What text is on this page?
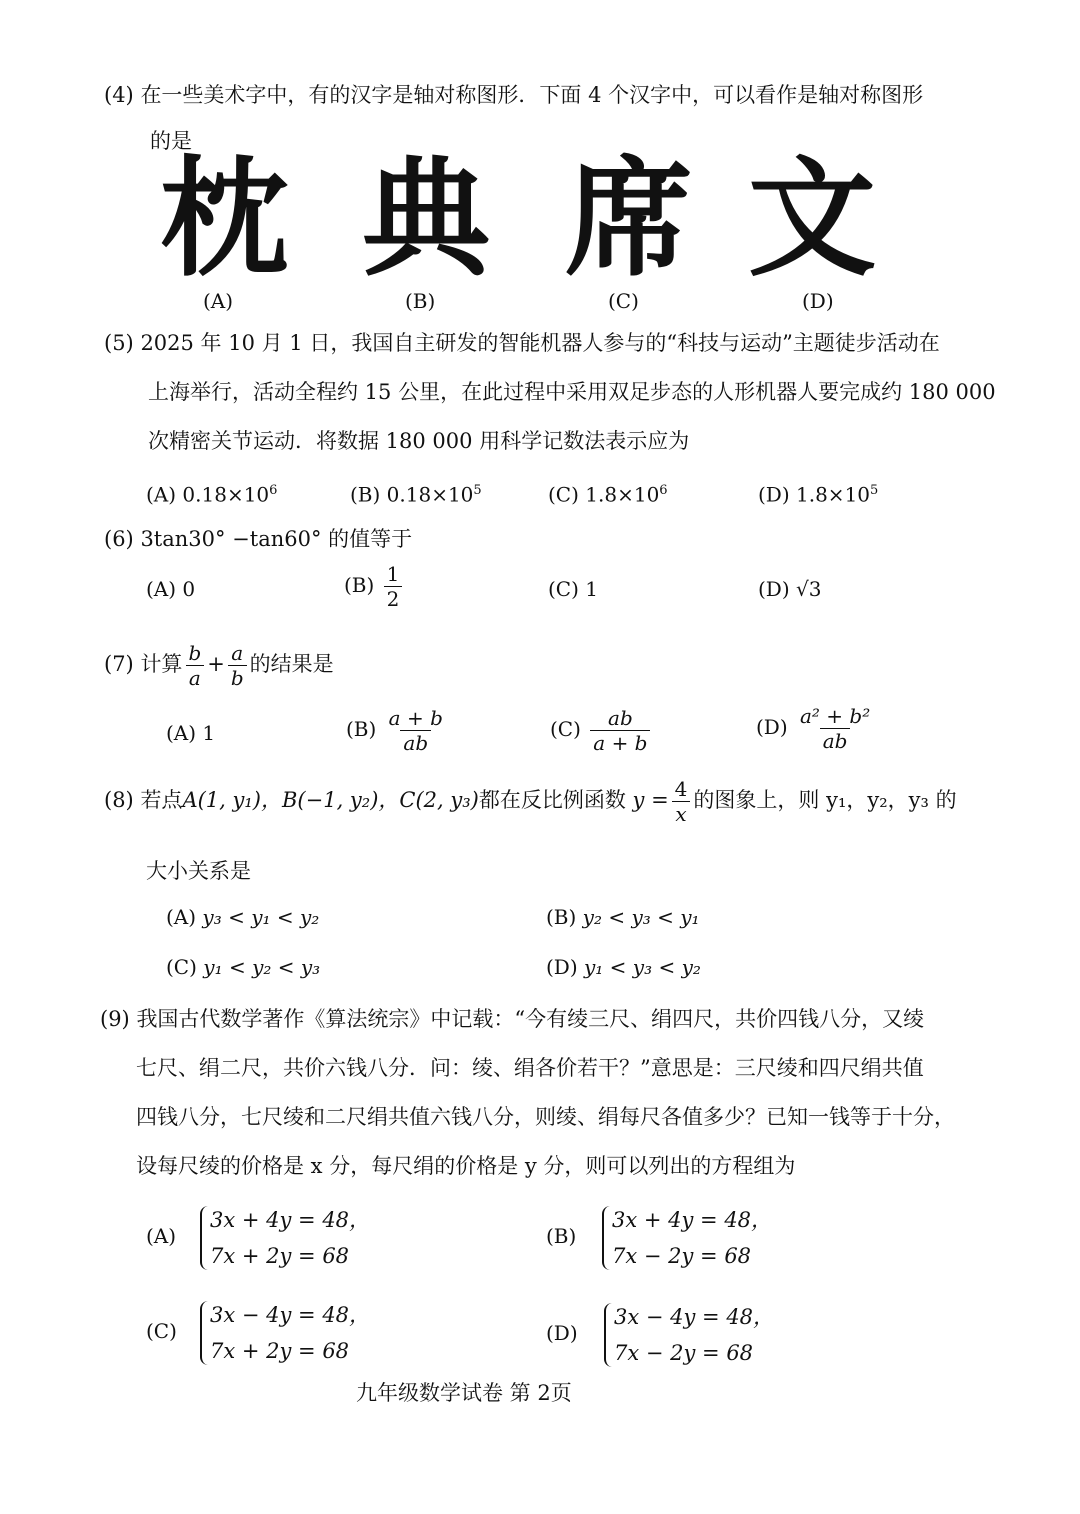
(4) 在一些美术字中，有的汉字是轴对称图形．下面 4 个汉字中，可以看作是轴对称图形
的是
枕 典 席 文
(A)	(B)	(C)	(D)
(5) 2025 年 10 月 1 日，我国自主研发的智能机器人参与的“科技与运动”主题徒步活动在
上海举行，活动全程约 15 公里，在此过程中采用双足步态的人形机器人要完成约 180 000
次精密关节运动．将数据 180 000 用科学记数法表示应为
(A) $0.18\times 10^6$	(B) $0.18\times 10^5$	(C) $1.8\times 10^6$	(D) $1.8\times 10^5$
(6) 3tan30° −tan60° 的值等于
(A) 0	$(B) \frac{1}{2}$	(C) 1	(D) √3
(7) 计算 $\frac{b}{a} + \frac{a}{b}$ 的结果是
(A) 1	$(B) \frac{a + b}{ab}$	$(C) \frac{ab}{a + b}$	$(D) \frac{\text{a² + b²}}{ab}$
(8) 若点A(1, y₁)，B(−1, y₂)，C(2, y₃)都在反比例函数 $y = \frac{4}{x}$ 的图象上，则 y₁，y₂，y₃ 的
大小关系是
(A) y₃ < y₁ < y₂	(B) y₂ < y₃ < y₁
(C) y₁ < y₂ < y₃	(D) y₁ < y₃ < y₂
(9) 我国古代数学著作《算法统宗》中记载：“今有绫三尺、绢四尺，共价四钱八分，又绫
七尺、绢二尺，共价六钱八分．问：绫、绢各价若干？”意思是：三尺绫和四尺绢共值
四钱八分，七尺绫和二尺绢共值六钱八分，则绫、绢每尺各值多少？已知一钱等于十分，
设每尺绫的价格是 x 分，每尺绢的价格是 y 分，则可以列出的方程组为
(A)
3x + 4y = 48，
7x + 2y = 68
(B)
3x + 4y = 48，
7x − 2y = 68
(C)
3x − 4y = 48，
7x + 2y = 68
(D)
3x − 4y = 48，
7x − 2y = 68
九年级数学试卷 第 2页
